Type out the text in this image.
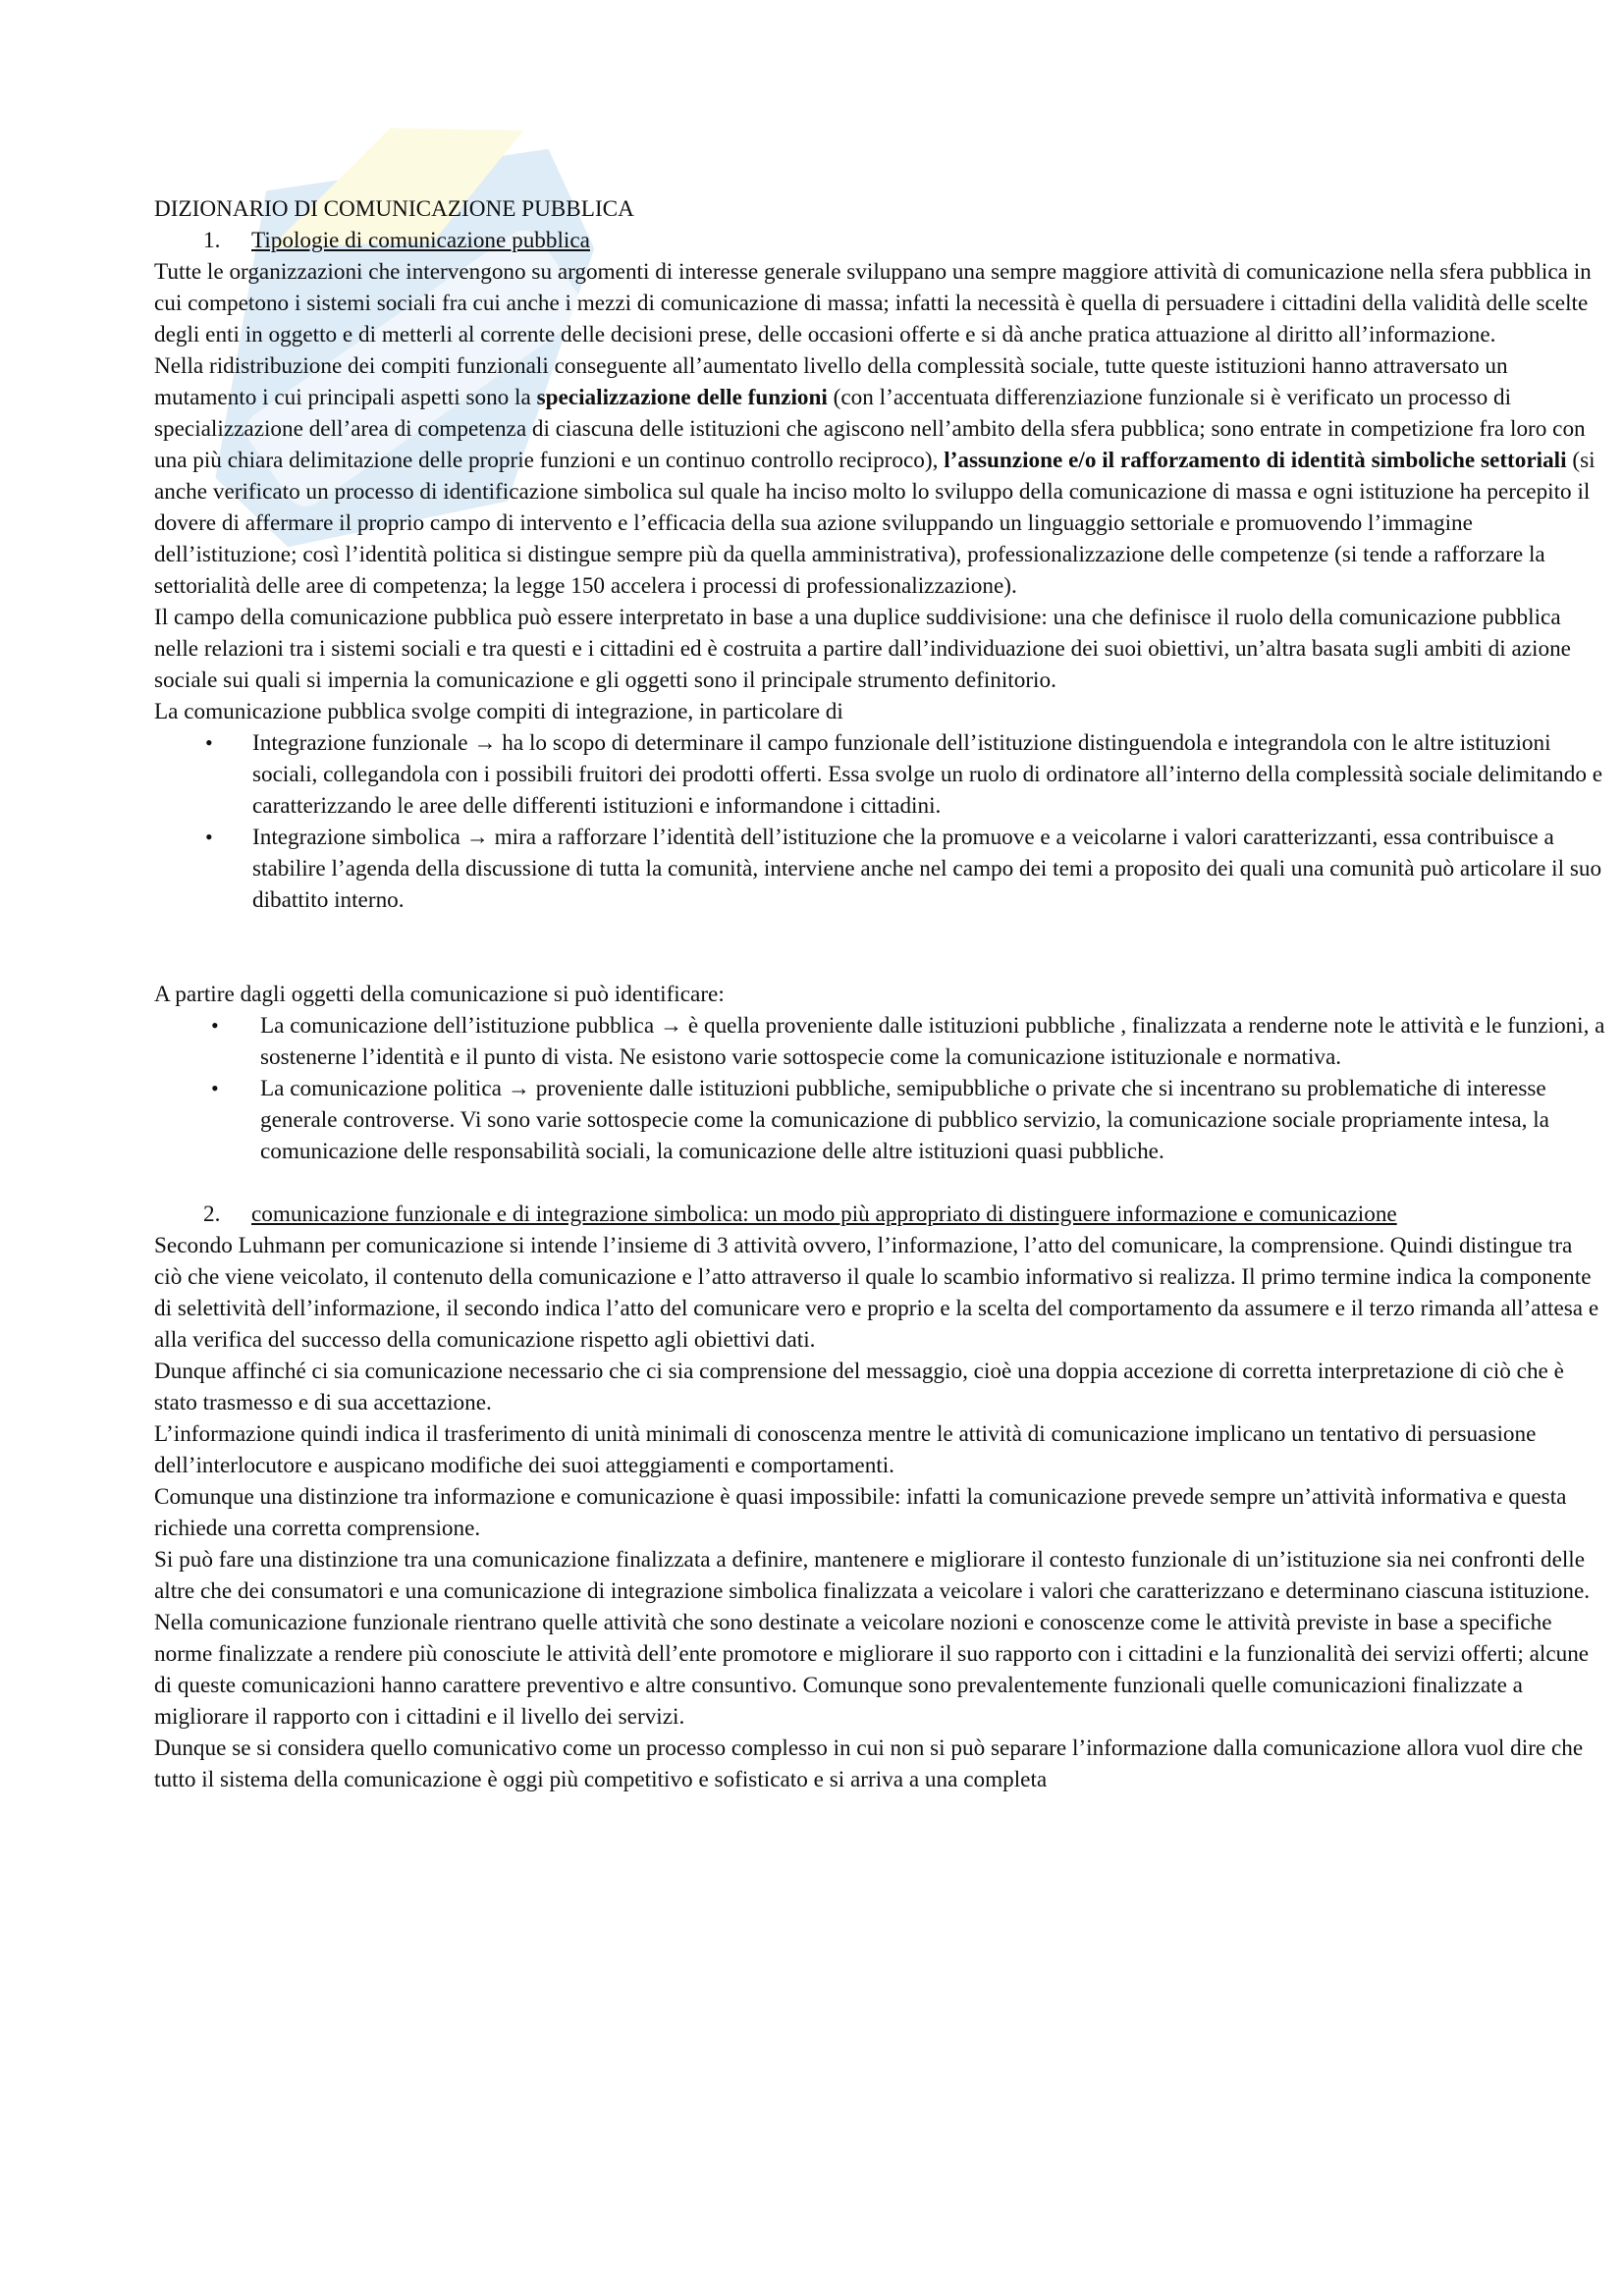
DIZIONARIO DI COMUNICAZIONE PUBBLICA

1.	Tipologie di comunicazione pubblica

Tutte le organizzazioni che intervengono su argomenti di interesse generale sviluppano una sempre maggiore attività di comunicazione nella sfera pubblica in cui competono i sistemi sociali fra cui anche i mezzi di comunicazione di massa; infatti la necessità è quella di persuadere i cittadini della validità delle scelte degli enti in oggetto e di metterli al corrente delle decisioni prese, delle occasioni offerte e si dà anche pratica attuazione al diritto all’informazione.

Nella ridistribuzione dei compiti funzionali conseguente all’aumentato livello della complessità sociale, tutte queste istituzioni hanno attraversato un mutamento i cui principali aspetti sono la specializzazione delle funzioni (con l’accentuata differenziazione funzionale si è verificato un processo di specializzazione dell’area di competenza di ciascuna delle istituzioni che agiscono nell’ambito della sfera pubblica; sono entrate in competizione fra loro con una più chiara delimitazione delle proprie funzioni e un continuo controllo reciproco), l’assunzione e/o il rafforzamento di identità simboliche settoriali (si anche verificato un processo di identificazione simbolica sul quale ha inciso molto lo sviluppo della comunicazione di massa e ogni istituzione ha percepito il dovere di affermare il proprio campo di intervento e l’efficacia della sua azione sviluppando un linguaggio settoriale e promuovendo l’immagine dell’istituzione; così l’identità politica si distingue sempre più da quella amministrativa), professionalizzazione delle competenze (si tende a rafforzare la settorialità delle aree di competenza; la legge 150 accelera i processi di professionalizzazione).

Il campo della comunicazione pubblica può essere interpretato in base a una duplice suddivisione: una che definisce il ruolo della comunicazione pubblica nelle relazioni tra i sistemi sociali e tra questi e i cittadini ed è costruita a partire dall’individuazione dei suoi obiettivi, un’altra basata sugli ambiti di azione sociale sui quali si impernia la comunicazione e gli oggetti sono il principale strumento definitorio.

La comunicazione pubblica svolge compiti di integrazione, in particolare di

• Integrazione funzionale → ha lo scopo di determinare il campo funzionale dell’istituzione distinguendola e integrandola con le altre istituzioni sociali, collegandola con i possibili fruitori dei prodotti offerti. Essa svolge un ruolo di ordinatore all’interno della complessità sociale delimitando e caratterizzando le aree delle differenti istituzioni e informandone i cittadini.
• Integrazione simbolica → mira a rafforzare l’identità dell’istituzione che la promuove e a veicolarne i valori caratterizzanti, essa contribuisce a stabilire l’agenda della discussione di tutta la comunità, interviene anche nel campo dei temi a proposito dei quali una comunità può articolare il suo dibattito interno.

A partire dagli oggetti della comunicazione si può identificare:

• La comunicazione dell’istituzione pubblica → è quella proveniente dalle istituzioni pubbliche , finalizzata a renderne note le attività e le funzioni, a sostenerne l’identità e il punto di vista. Ne esistono varie sottospecie come la comunicazione istituzionale e normativa.
• La comunicazione politica → proveniente dalle istituzioni pubbliche, semipubbliche o private che si incentrano su problematiche di interesse generale controverse. Vi sono varie sottospecie come la comunicazione di pubblico servizio, la comunicazione sociale propriamente intesa, la comunicazione delle responsabilità sociali, la comunicazione delle altre istituzioni quasi pubbliche.

2.	comunicazione funzionale e di integrazione simbolica: un modo più appropriato di distinguere informazione e comunicazione

Secondo Luhmann per comunicazione si intende l’insieme di 3 attività ovvero, l’informazione, l’atto del comunicare, la comprensione. Quindi distingue tra ciò che viene veicolato, il contenuto della comunicazione e l’atto attraverso il quale lo scambio informativo si realizza. Il primo termine indica la componente di selettività dell’informazione, il secondo indica l’atto del comunicare vero e proprio e la scelta del comportamento da assumere e il terzo rimanda all’attesa e alla verifica del successo della comunicazione rispetto agli obiettivi dati.

Dunque affinché ci sia comunicazione necessario che ci sia comprensione del messaggio, cioè una doppia accezione di corretta interpretazione di ciò che è stato trasmesso e di sua accettazione.

L’informazione quindi indica il trasferimento di unità minimali di conoscenza mentre le attività di comunicazione implicano un tentativo di persuasione dell’interlocutore e auspicano modifiche dei suoi atteggiamenti e comportamenti.

Comunque una distinzione tra informazione e comunicazione è quasi impossibile: infatti la comunicazione prevede sempre un’attività informativa e questa richiede una corretta comprensione.

Si può fare una distinzione tra una comunicazione finalizzata a definire, mantenere e migliorare il contesto funzionale di un’istituzione sia nei confronti delle altre che dei consumatori e una comunicazione di integrazione simbolica finalizzata a veicolare i valori che caratterizzano e determinano ciascuna istituzione.

Nella comunicazione funzionale rientrano quelle attività che sono destinate a veicolare nozioni e conoscenze come le attività previste in base a specifiche norme finalizzate a rendere più conosciute le attività dell’ente promotore e migliorare il suo rapporto con i cittadini e la funzionalità dei servizi offerti; alcune di queste comunicazioni hanno carattere preventivo e altre consuntivo. Comunque sono prevalentemente funzionali quelle comunicazioni finalizzate a migliorare il rapporto con i cittadini e il livello dei servizi.

Dunque se si considera quello comunicativo come un processo complesso in cui non si può separare l’informazione dalla comunicazione allora vuol dire che tutto il sistema della comunicazione è oggi più competitivo e sofisticato e si arriva a una completa
